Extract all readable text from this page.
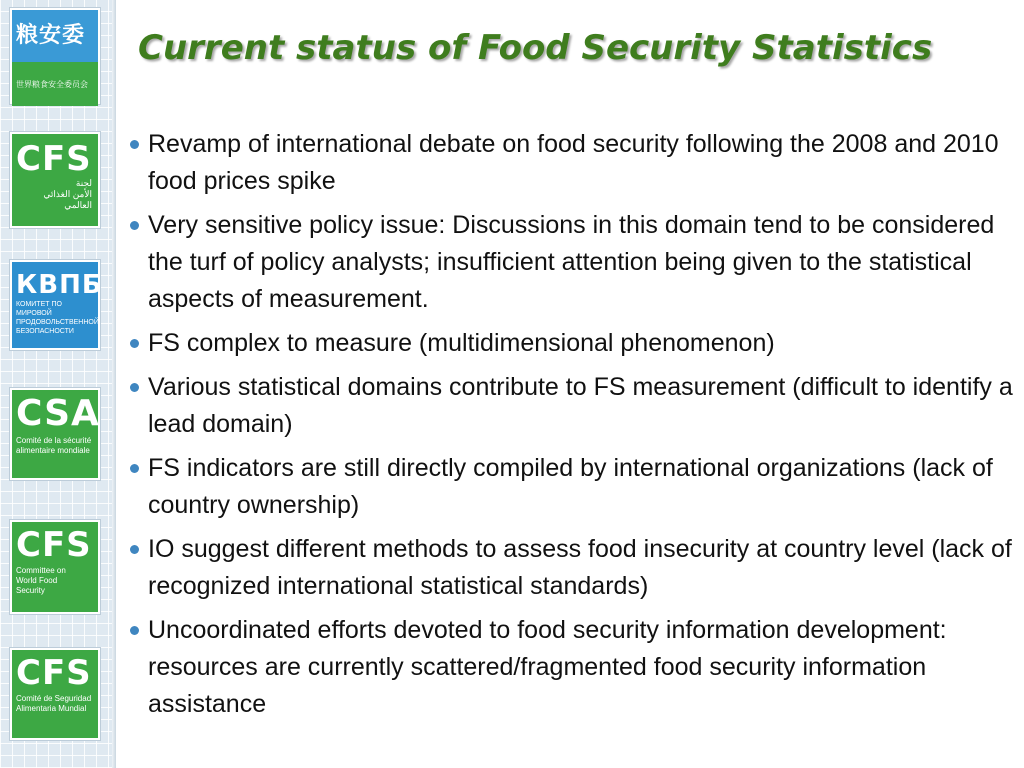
粮安委
世界粮食安全委员会
CFS
لجنة
الأمن الغذائي
العالمي
КВПБ
КОМИТЕТ ПО МИРОВОЙ
ПРОДОВОЛЬСТВЕННОЙ
БЕЗОПАСНОСТИ
CSA
Comité de la sécurité
alimentaire mondiale
CFS
Committee on
World Food
Security
CFS
Comité de Seguridad
Alimentaria Mundial
Current status of Food Security Statistics
Revamp of international debate on food security following the 2008 and 2010 food prices spike
Very sensitive policy issue: Discussions in this domain tend to be considered the turf of policy analysts; insufficient attention being given to the statistical aspects of measurement.
FS complex to measure (multidimensional phenomenon)
Various statistical domains contribute to FS measurement (difficult to identify a lead domain)
FS indicators are still directly compiled by international organizations (lack of country ownership)
IO suggest different methods to assess food insecurity at country level (lack of recognized international statistical standards)
Uncoordinated efforts devoted to food security information development: resources are currently scattered/fragmented food security information assistance
